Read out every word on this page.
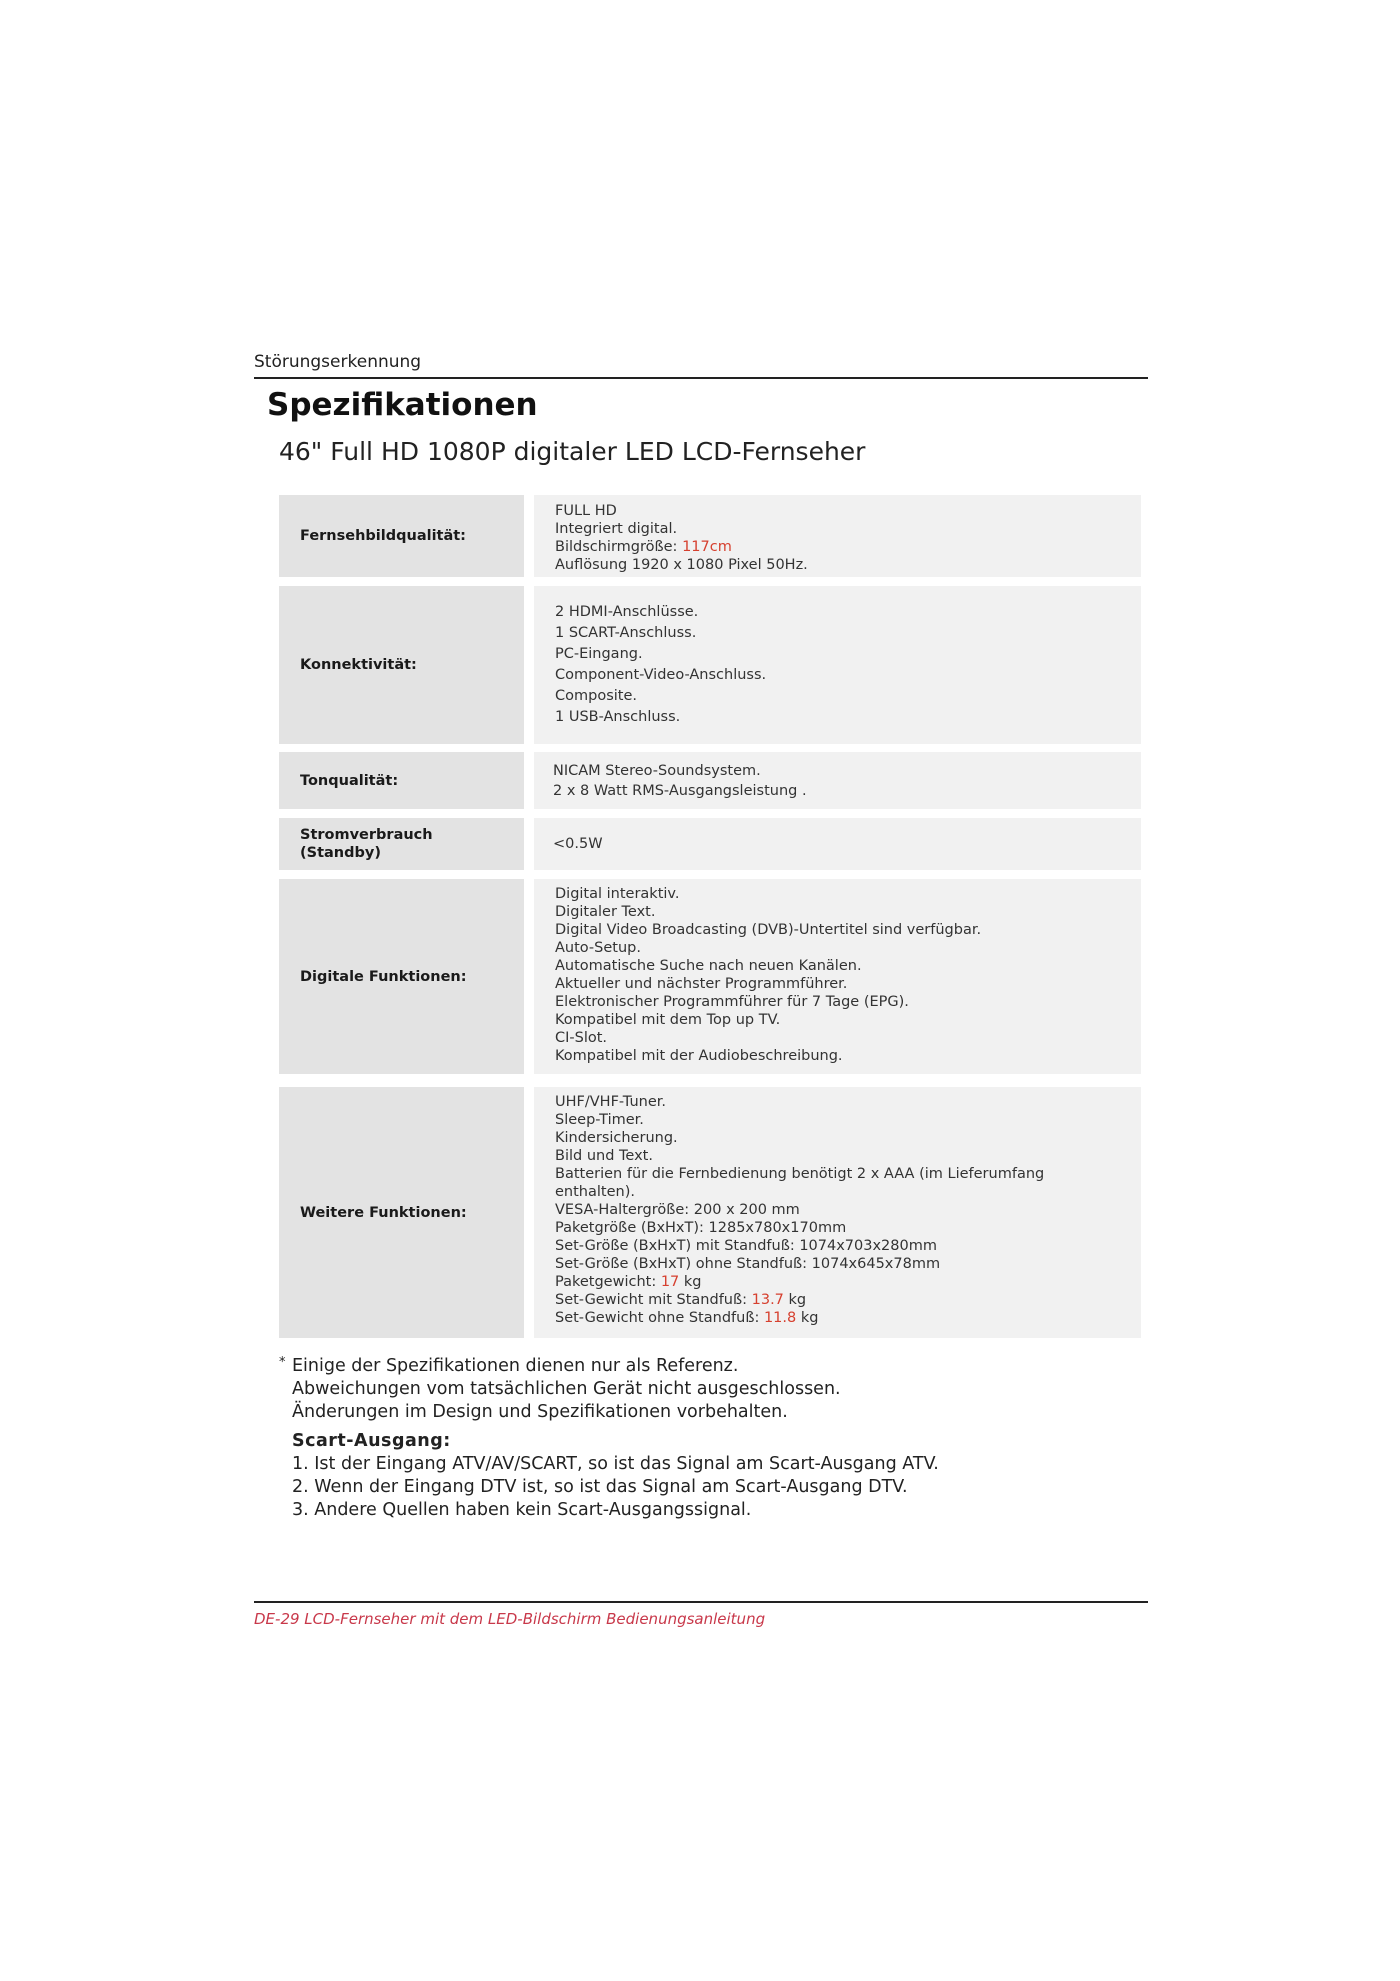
Störungserkennung
Spezifikationen
46" Full HD 1080P digitaler LED LCD-Fernseher
Fernsehbildqualität:
FULL HD
Integriert digital.
Bildschirmgröße: 117cm
Auflösung 1920 x 1080 Pixel 50Hz.
Konnektivität:
2 HDMI-Anschlüsse.
1 SCART-Anschluss.
PC-Eingang.
Component-Video-Anschluss.
Composite.
1 USB-Anschluss.
Tonqualität:
NICAM Stereo-Soundsystem.
2 x 8 Watt RMS-Ausgangsleistung .
Stromverbrauch
(Standby)
<0.5W
Digitale Funktionen:
Digital interaktiv.
Digitaler Text.
Digital Video Broadcasting (DVB)-Untertitel sind verfügbar.
Auto-Setup.
Automatische Suche nach neuen Kanälen.
Aktueller und nächster Programmführer.
Elektronischer Programmführer für 7 Tage (EPG).
Kompatibel mit dem Top up TV.
CI-Slot.
Kompatibel mit der Audiobeschreibung.
Weitere Funktionen:
UHF/VHF-Tuner.
Sleep-Timer.
Kindersicherung.
Bild und Text.
Batterien für die Fernbedienung benötigt 2 x AAA (im Lieferumfang
enthalten).
VESA-Haltergröße: 200 x 200 mm
Paketgröße (BxHxT): 1285x780x170mm
Set-Größe (BxHxT) mit Standfuß: 1074x703x280mm
Set-Größe (BxHxT) ohne Standfuß: 1074x645x78mm
Paketgewicht: 17 kg
Set-Gewicht mit Standfuß: 13.7 kg
Set-Gewicht ohne Standfuß: 11.8 kg
* Einige der Spezifikationen dienen nur als Referenz.
Abweichungen vom tatsächlichen Gerät nicht ausgeschlossen.
Änderungen im Design und Spezifikationen vorbehalten.
Scart-Ausgang:
1. Ist der Eingang ATV/AV/SCART, so ist das Signal am Scart-Ausgang ATV.
2. Wenn der Eingang DTV ist, so ist das Signal am Scart-Ausgang DTV.
3. Andere Quellen haben kein Scart-Ausgangssignal.
DE-29 LCD-Fernseher mit dem LED-Bildschirm Bedienungsanleitung
